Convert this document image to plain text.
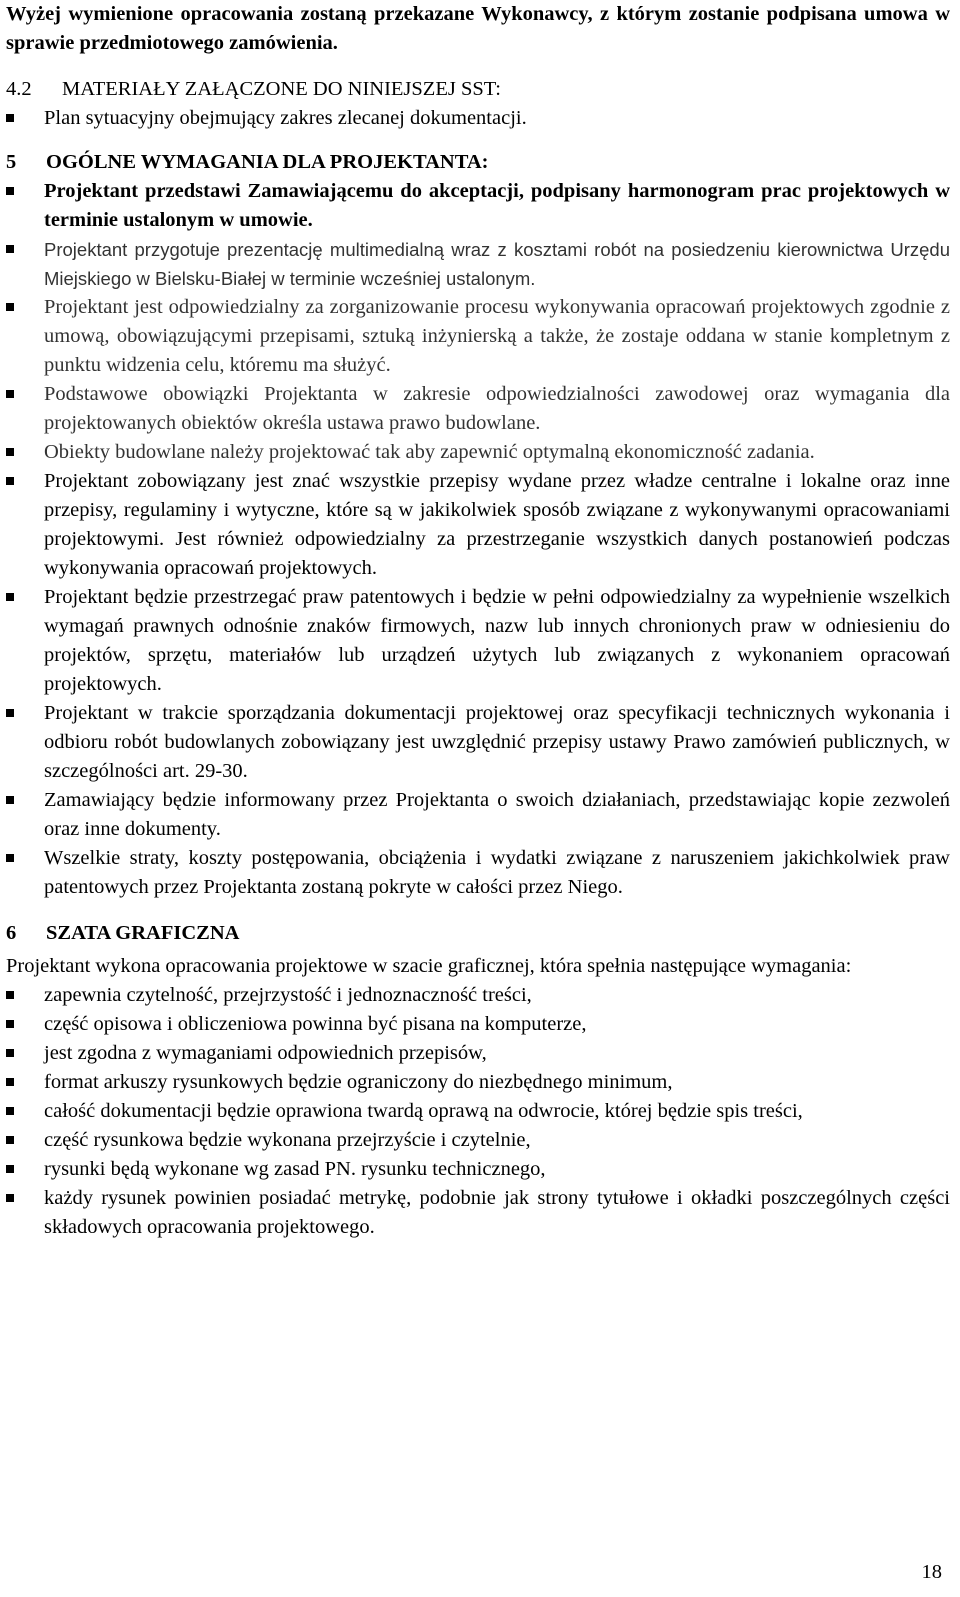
Wyżej wymienione opracowania zostaną przekazane Wykonawcy, z którym zostanie podpisana umowa w sprawie przedmiotowego zamówienia.

4.2	MATERIAŁY ZAŁĄCZONE DO NINIEJSZEJ SST:
Plan sytuacyjny obejmujący zakres zlecanej dokumentacji.
5	OGÓLNE WYMAGANIA DLA PROJEKTANTA:
Projektant przedstawi Zamawiającemu do akceptacji, podpisany harmonogram prac projektowych w terminie ustalonym w umowie.
Projektant przygotuje prezentację multimedialną wraz z kosztami robót na posiedzeniu kierownictwa Urzędu Miejskiego w Bielsku-Białej w terminie wcześniej ustalonym.
Projektant jest odpowiedzialny za zorganizowanie procesu wykonywania opracowań projektowych zgodnie z umową, obowiązującymi przepisami, sztuką inżynierską a także, że zostaje oddana w stanie kompletnym z punktu widzenia celu, któremu ma służyć.
Podstawowe obowiązki Projektanta w zakresie odpowiedzialności zawodowej oraz wymagania dla projektowanych obiektów określa ustawa prawo budowlane.
Obiekty budowlane należy projektować tak aby zapewnić optymalną ekonomiczność zadania.
Projektant zobowiązany jest znać wszystkie przepisy wydane przez władze centralne i lokalne oraz inne przepisy, regulaminy i wytyczne, które są w jakikolwiek sposób związane z wykonywanymi opracowaniami projektowymi. Jest również odpowiedzialny za przestrzeganie wszystkich danych postanowień podczas wykonywania opracowań projektowych.
Projektant będzie przestrzegać praw patentowych i będzie w pełni odpowiedzialny za wypełnienie wszelkich wymagań prawnych odnośnie znaków firmowych, nazw lub innych chronionych praw w odniesieniu do projektów, sprzętu, materiałów lub urządzeń użytych lub związanych z wykonaniem opracowań projektowych.
Projektant w trakcie sporządzania dokumentacji projektowej oraz specyfikacji technicznych wykonania i odbioru robót budowlanych zobowiązany jest uwzględnić przepisy ustawy Prawo zamówień publicznych, w szczególności art. 29-30.
Zamawiający będzie informowany przez Projektanta o swoich działaniach, przedstawiając kopie zezwoleń oraz inne dokumenty.
Wszelkie straty, koszty postępowania, obciążenia i wydatki związane z naruszeniem jakichkolwiek praw patentowych przez Projektanta zostaną pokryte w całości przez Niego.
6	SZATA GRAFICZNA

Projektant wykona opracowania projektowe w szacie graficznej, która spełnia następujące wymagania:

zapewnia czytelność, przejrzystość i jednoznaczność treści,
część opisowa i obliczeniowa powinna być pisana na komputerze,
jest zgodna z wymaganiami odpowiednich przepisów,
format arkuszy rysunkowych będzie ograniczony do niezbędnego minimum,
całość dokumentacji będzie oprawiona twardą oprawą na odwrocie, której będzie spis treści,
część rysunkowa będzie wykonana przejrzyście i czytelnie,
rysunki będą wykonane wg zasad PN. rysunku technicznego,
każdy rysunek powinien posiadać metrykę, podobnie jak strony tytułowe i okładki poszczególnych części składowych opracowania projektowego.
18
